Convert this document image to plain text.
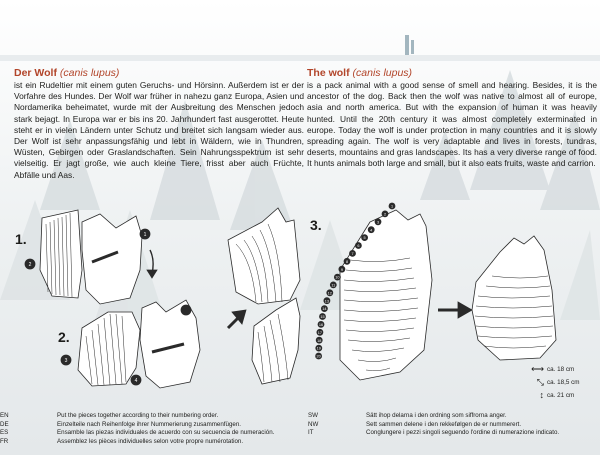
Der Wolf (canis lupus)

ist ein Rudeltier mit einem guten Geruchs- und Hörsinn. Außerdem ist er der Vorfahre des Hundes. Der Wolf war früher in nahezu ganz Europa, Asien und Nordamerika beheimatet, wurde mit der Ausbreitung des Menschen jedoch stark bejagt. In Europa war er bis ins 20. Jahrhundert fast ausgerottet. Heute steht er in vielen Ländern unter Schutz und breitet sich langsam wieder aus. Der Wolf ist sehr anpassungsfähig und lebt in Wäldern, wie in Thundren, Wüsten, Gebirgen oder Graslandschaften. Sein Nahrungsspektrum ist sehr vielseitig. Er jagt große, wie auch kleine Tiere, frisst aber auch Früchte, Abfälle und Aas.

The wolf (canis lupus)

is a pack animal with a good sense of smell and hearing. Besides, it is the ancestor of the dog. Back then the wolf was native to almost all of europe, asia and north america. But with the expansion of human it was heavily hunted. Until the 20th century it was almost completely exterminated in europe. Today the wolf is under protection in many countries and it is slowly spreading again. The wolf is very adaptable and lives in forests, tundras, deserts, mountains and gras landscapes. Its has a very diverse range of food. It hunts animals both large and small, but it also eats fruits, waste and carrion.

1.
2.
3.
1
2
3
4
1
2
3
4
5
6
7
8
9
10
11
12
13
14
15
16
17
18
19
20
⟷ ca. 18 cm
⤡ ca. 18,5 cm
↕ ca. 21 cm
EN	Put the pieces together according to their numbering order.
DE	Einzelteile nach Reihenfolge ihrer Nummerierung zusammenfügen.
ES	Ensamble las piezas individuales de acuerdo con su secuencia de numeración.
FR	Assemblez les pièces individuelles selon votre propre numérotation.
SW	Sätt ihop delarna i den ordning som siffrorna anger.
NW	Sett sammen delene i den rekkefølgen de er nummerert.
IT	Conglungere i pezzi singoli seguendo l'ordine di numerazione indicato.
